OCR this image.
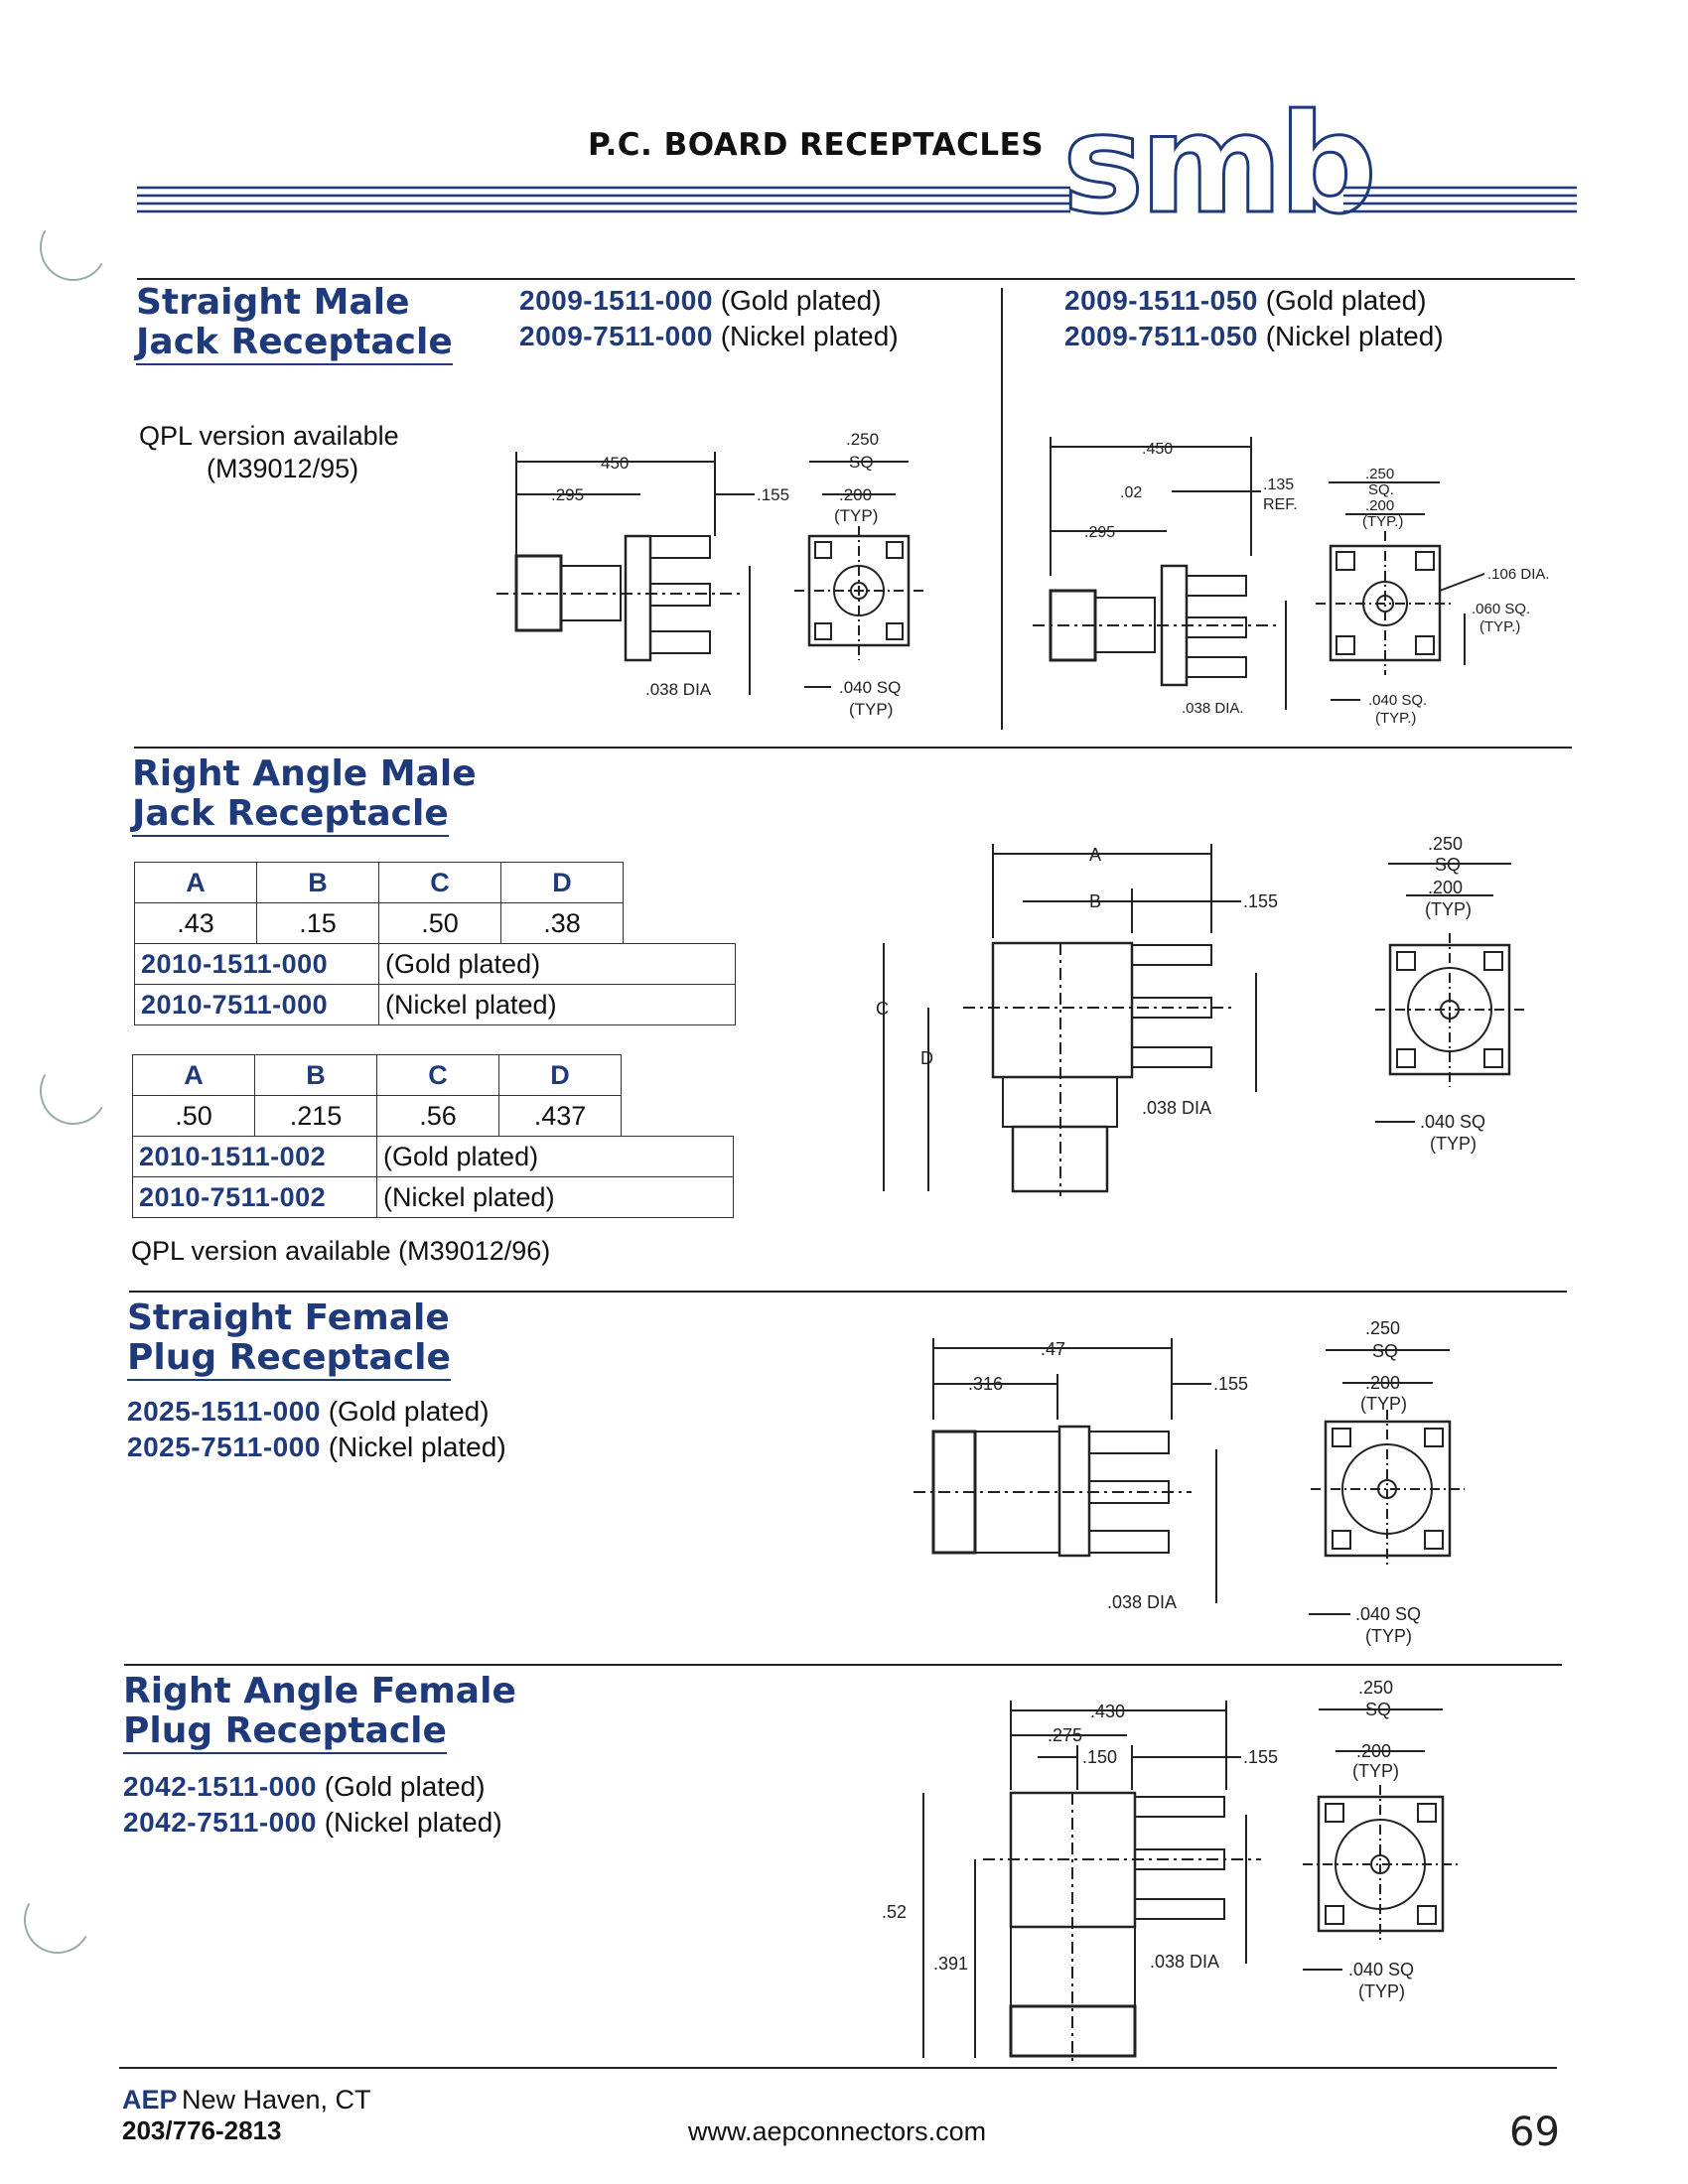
P.C. BOARD RECEPTACLES smb
Straight Male
Jack Receptacle
QPL version available
(M39012/95)
2009-1511-000 (Gold plated)
2009-7511-000 (Nickel plated)
2009-1511-050 (Gold plated)
2009-7511-050 (Nickel plated)
450
.295	.155
.038 DIA
.250
SQ
.200
(TYP)
.040 SQ
(TYP)
.450
.02	.135
REF.
.295
.038 DIA.
.250
SQ.
.200
(TYP.)
.106 DIA.
.060 SQ.
(TYP.)
.040 SQ.
(TYP.)
Right Angle Male
Jack Receptacle
A	B	C	D	
.43	.15	.50	.38	
2010-1511-000		(Gold plated)		
2010-7511-000		(Nickel plated)		
A	B	C	D	
.50	.215	.56	.437	
2010-1511-002		(Gold plated)		
2010-7511-002		(Nickel plated)		
QPL version available (M39012/96)
A
B	.155
C
D
.038 DIA
.250
SQ
.200
(TYP)
.040 SQ
(TYP)
Straight Female
Plug Receptacle
2025-1511-000 (Gold plated)
2025-7511-000 (Nickel plated)
.47
.316	.155
.038 DIA
.250
SQ
.200
(TYP)
.040 SQ
(TYP)
Right Angle Female
Plug Receptacle
2042-1511-000 (Gold plated)
2042-7511-000 (Nickel plated)
.430
.275
.150	.155
.52
.391	.038 DIA
.250
SQ
.200
(TYP)
.040 SQ
(TYP)
AEP New Haven, CT
203/776-2813	www.aepconnectors.com	69
